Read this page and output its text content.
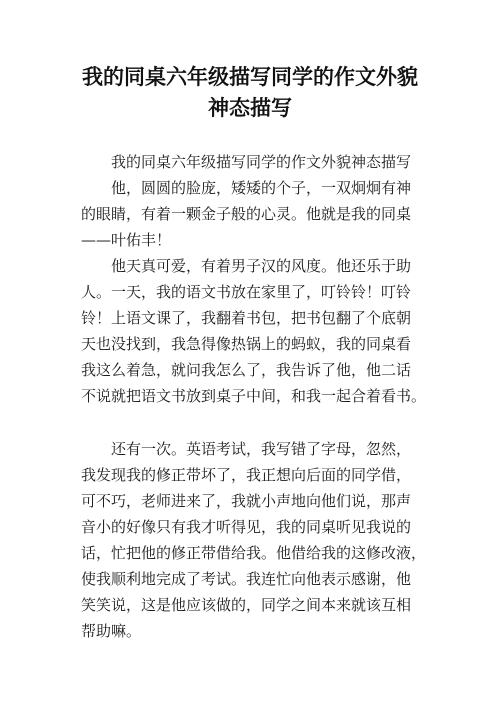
我的同桌六年级描写同学的作文外貌
神态描写

我的同桌六年级描写同学的作文外貌神态描写

他，圆圆的脸庞，矮矮的个子，一双炯炯有神

的眼睛，有着一颗金子般的心灵。他就是我的同桌

——叶佑丰！

他天真可爱，有着男子汉的风度。他还乐于助

人。一天，我的语文书放在家里了，叮铃铃！叮铃

铃！上语文课了，我翻着书包，把书包翻了个底朝

天也没找到，我急得像热锅上的蚂蚁，我的同桌看

我这么着急，就问我怎么了，我告诉了他，他二话

不说就把语文书放到桌子中间，和我一起合着看书。

还有一次。英语考试，我写错了字母，忽然，

我发现我的修正带坏了，我正想向后面的同学借，

可不巧，老师进来了，我就小声地向他们说，那声

音小的好像只有我才听得见，我的同桌听见我说的

话，忙把他的修正带借给我。他借给我的这修改液，

使我顺利地完成了考试。我连忙向他表示感谢，他

笑笑说，这是他应该做的，同学之间本来就该互相

帮助嘛。
